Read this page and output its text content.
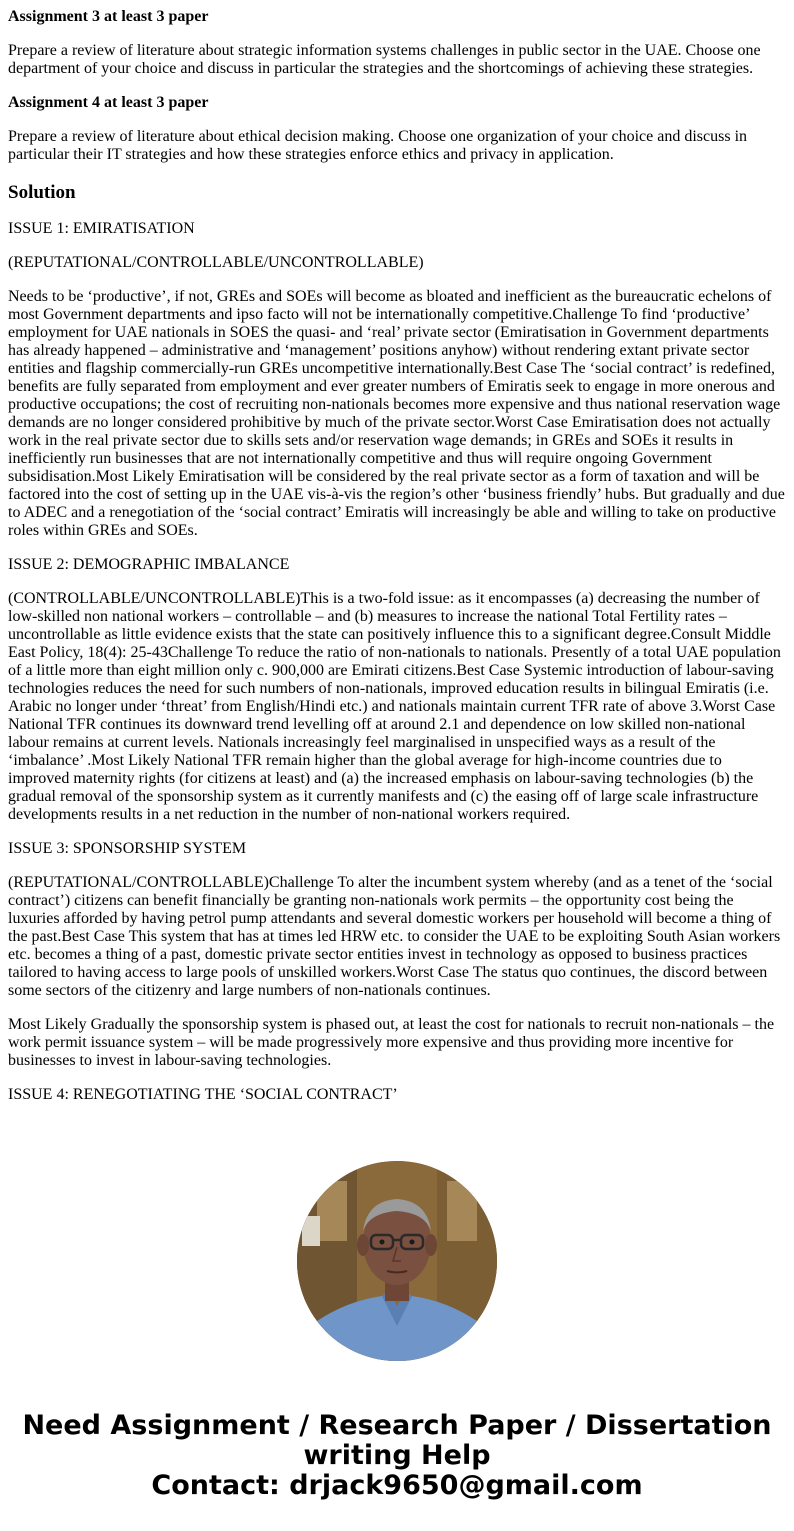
Assignment 3 at least 3 paper
Prepare a review of literature about strategic information systems challenges in public sector in the UAE. Choose one department of your choice and discuss in particular the strategies and the shortcomings of achieving these strategies.
Assignment 4 at least 3 paper
Prepare a review of literature about ethical decision making. Choose one organization of your choice and discuss in particular their IT strategies and how these strategies enforce ethics and privacy in application.
Solution
ISSUE 1: EMIRATISATION
(REPUTATIONAL/CONTROLLABLE/UNCONTROLLABLE)
Needs to be ‘productive’, if not, GREs and SOEs will become as bloated and inefficient as the bureaucratic echelons of most Government departments and ipso facto will not be internationally competitive.Challenge To find ‘productive’ employment for UAE nationals in SOES the quasi- and ‘real’ private sector (Emiratisation in Government departments has already happened – administrative and ‘management’ positions anyhow) without rendering extant private sector entities and flagship commercially-run GREs uncompetitive internationally.Best Case The ‘social contract’ is redefined, benefits are fully separated from employment and ever greater numbers of Emiratis seek to engage in more onerous and productive occupations; the cost of recruiting non-nationals becomes more expensive and thus national reservation wage demands are no longer considered prohibitive by much of the private sector.Worst Case Emiratisation does not actually work in the real private sector due to skills sets and/or reservation wage demands; in GREs and SOEs it results in inefficiently run businesses that are not internationally competitive and thus will require ongoing Government subsidisation.Most Likely Emiratisation will be considered by the real private sector as a form of taxation and will be factored into the cost of setting up in the UAE vis-à-vis the region’s other ‘business friendly’ hubs. But gradually and due to ADEC and a renegotiation of the ‘social contract’ Emiratis will increasingly be able and willing to take on productive roles within GREs and SOEs.
ISSUE 2: DEMOGRAPHIC IMBALANCE
(CONTROLLABLE/UNCONTROLLABLE)This is a two-fold issue: as it encompasses (a) decreasing the number of low-skilled non national workers – controllable – and (b) measures to increase the national Total Fertility rates – uncontrollable as little evidence exists that the state can positively influence this to a significant degree.Consult Middle East Policy, 18(4): 25-43Challenge To reduce the ratio of non-nationals to nationals. Presently of a total UAE population of a little more than eight million only c. 900,000 are Emirati citizens.Best Case Systemic introduction of labour-saving technologies reduces the need for such numbers of non-nationals, improved education results in bilingual Emiratis (i.e. Arabic no longer under ‘threat’ from English/Hindi etc.) and nationals maintain current TFR rate of above 3.Worst Case National TFR continues its downward trend levelling off at around 2.1 and dependence on low skilled non-national labour remains at current levels. Nationals increasingly feel marginalised in unspecified ways as a result of the ‘imbalance’ .Most Likely National TFR remain higher than the global average for high-income countries due to improved maternity rights (for citizens at least) and (a) the increased emphasis on labour-saving technologies (b) the gradual removal of the sponsorship system as it currently manifests and (c) the easing off of large scale infrastructure developments results in a net reduction in the number of non-national workers required.
ISSUE 3: SPONSORSHIP SYSTEM
(REPUTATIONAL/CONTROLLABLE)Challenge To alter the incumbent system whereby (and as a tenet of the ‘social contract’) citizens can benefit financially be granting non-nationals work permits – the opportunity cost being the luxuries afforded by having petrol pump attendants and several domestic workers per household will become a thing of the past.Best Case This system that has at times led HRW etc. to consider the UAE to be exploiting South Asian workers etc. becomes a thing of a past, domestic private sector entities invest in technology as opposed to business practices tailored to having access to large pools of unskilled workers.Worst Case The status quo continues, the discord between some sectors of the citizenry and large numbers of non-nationals continues.
Most Likely Gradually the sponsorship system is phased out, at least the cost for nationals to recruit non-nationals – the work permit issuance system – will be made progressively more expensive and thus providing more incentive for businesses to invest in labour-saving technologies.
ISSUE 4: RENEGOTIATING THE ‘SOCIAL CONTRACT’
Need Assignment / Research Paper / Dissertation
writing Help
Contact: drjack9650@gmail.com
